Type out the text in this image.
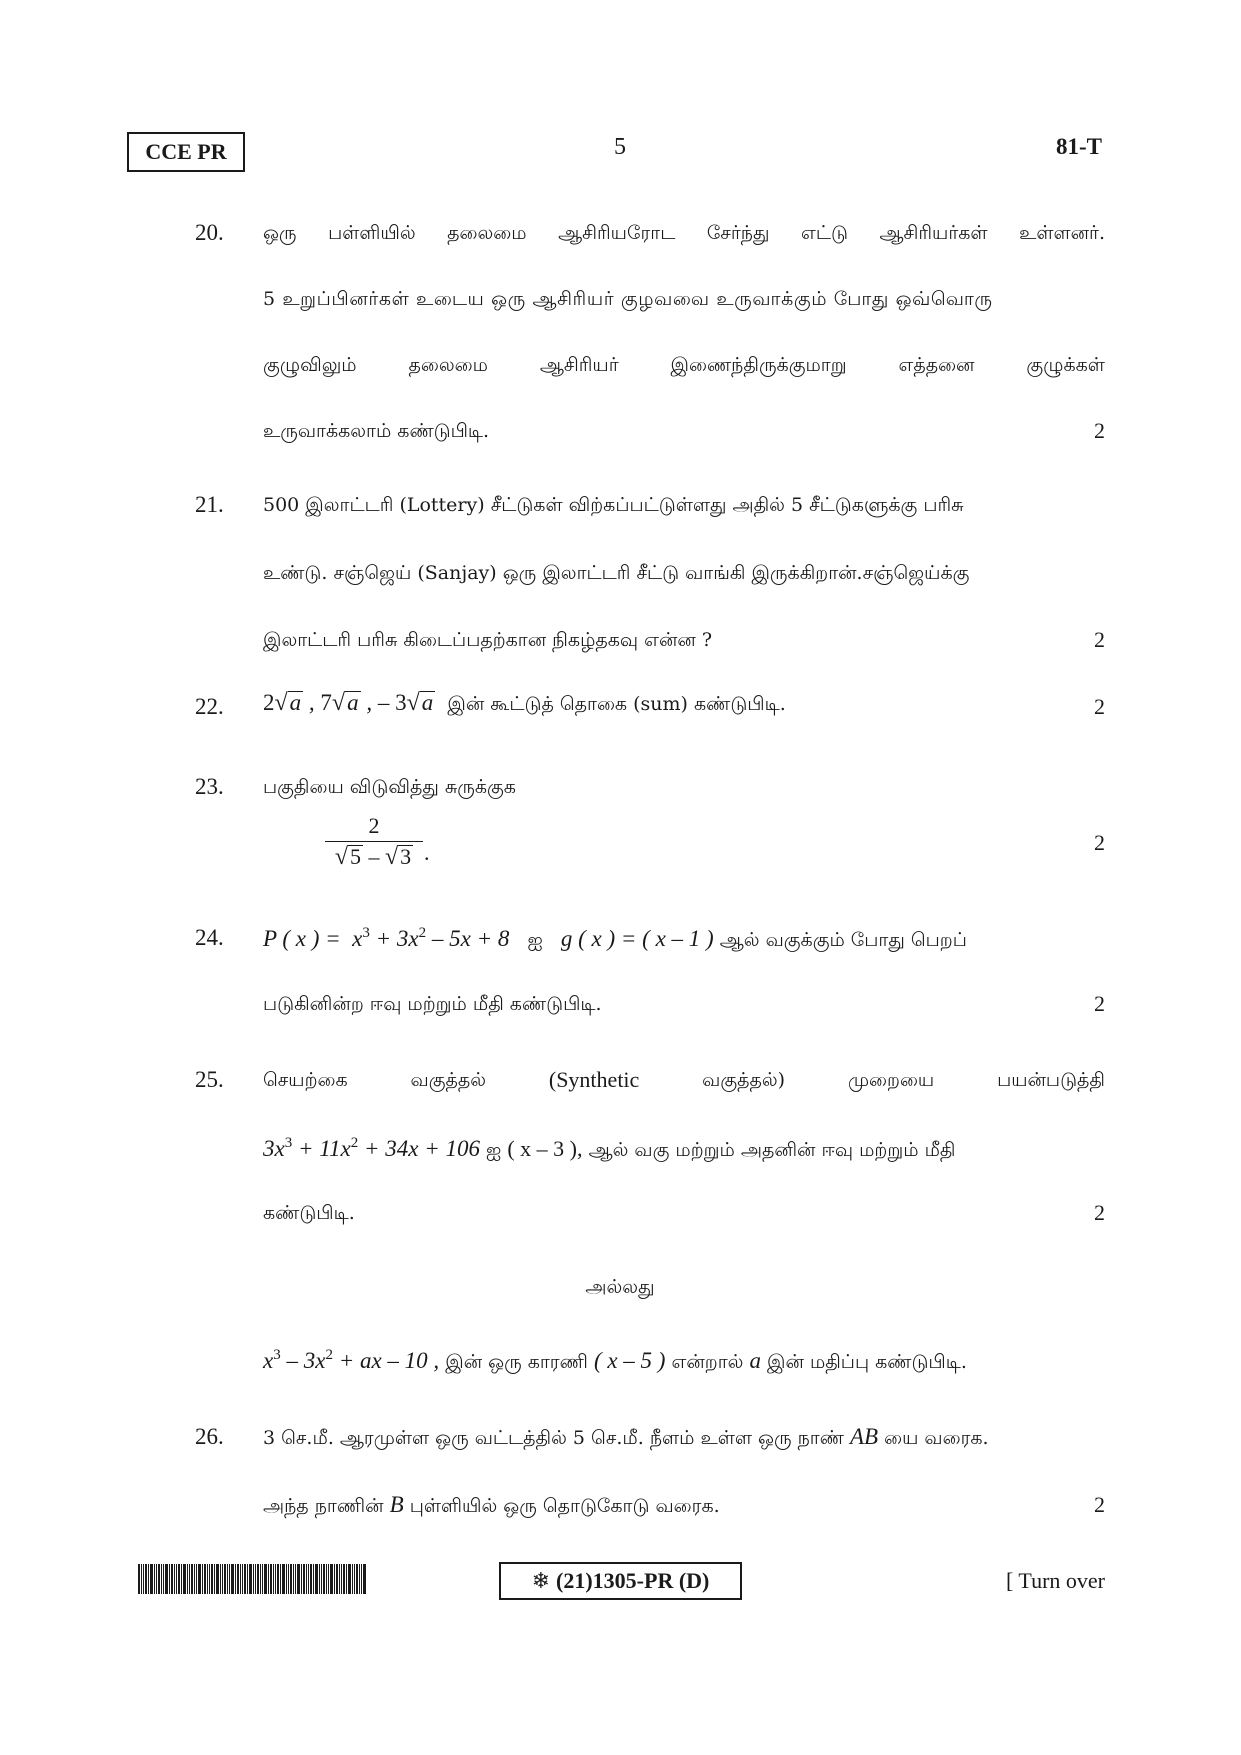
CCE PR	5	81-T
20.	ஒரு பள்ளியில் தலைமை ஆசிரியரோட சேர்ந்து எட்டு ஆசிரியர்கள் உள்ளனர்.
5 உறுப்பினர்கள் உடைய ஒரு ஆசிரியர் குழவவை உருவாக்கும் போது ஒவ்வொரு
குழுவிலும்	தலைமை	ஆசிரியர்	இணைந்திருக்குமாறு	எத்தனை	குழுக்கள்
உருவாக்கலாம் கண்டுபிடி.	2
21.	500 இலாட்டரி (Lottery) சீட்டுகள் விற்கப்பட்டுள்ளது அதில் 5 சீட்டுகளுக்கு பரிசு
உண்டு. சஞ்ஜெய் (Sanjay) ஒரு இலாட்டரி சீட்டு வாங்கி இருக்கிறான்.சஞ்ஜெய்க்கு
இலாட்டரி பரிசு கிடைப்பதற்கான நிகழ்தகவு என்ன ?	2
22.	2√a , 7√a , – 3√a இன் கூட்டுத் தொகை (sum) கண்டுபிடி.	2
23.	பகுதியை விடுவித்து சுருக்குக
$\frac{2}{√5 - √3}$ .	2
24.	P ( x ) =  $x^3 + 3x^2 - 5x + 8$ ஐ g ( x ) = ( x – 1 ) ஆல் வகுக்கும் போது பெறப்
படுகினின்ற ஈவு மற்றும் மீதி கண்டுபிடி.	2
25.	செயற்கை	வகுத்தல்	(Synthetic	வகுத்தல்)	முறையை	பயன்படுத்தி
$3x^3 + 11x^2 + 34x + 106$ ஐ ( x – 3 ), ஆல் வகு மற்றும் அதனின் ஈவு மற்றும் மீதி
கண்டுபிடி.	2
அல்லது
$x^3 - 3x^2$ + ax – 10 , இன் ஒரு காரணி ( x – 5 ) என்றால் a இன் மதிப்பு கண்டுபிடி.
26.	3 செ.மீ. ஆரமுள்ள ஒரு வட்டத்தில் 5 செ.மீ. நீளம் உள்ள ஒரு நாண் AB யை வரைக.
அந்த நாணின் B புள்ளியில் ஒரு தொடுகோடு வரைக.	2
❄ (21)1305-PR (D)	[ Turn over
